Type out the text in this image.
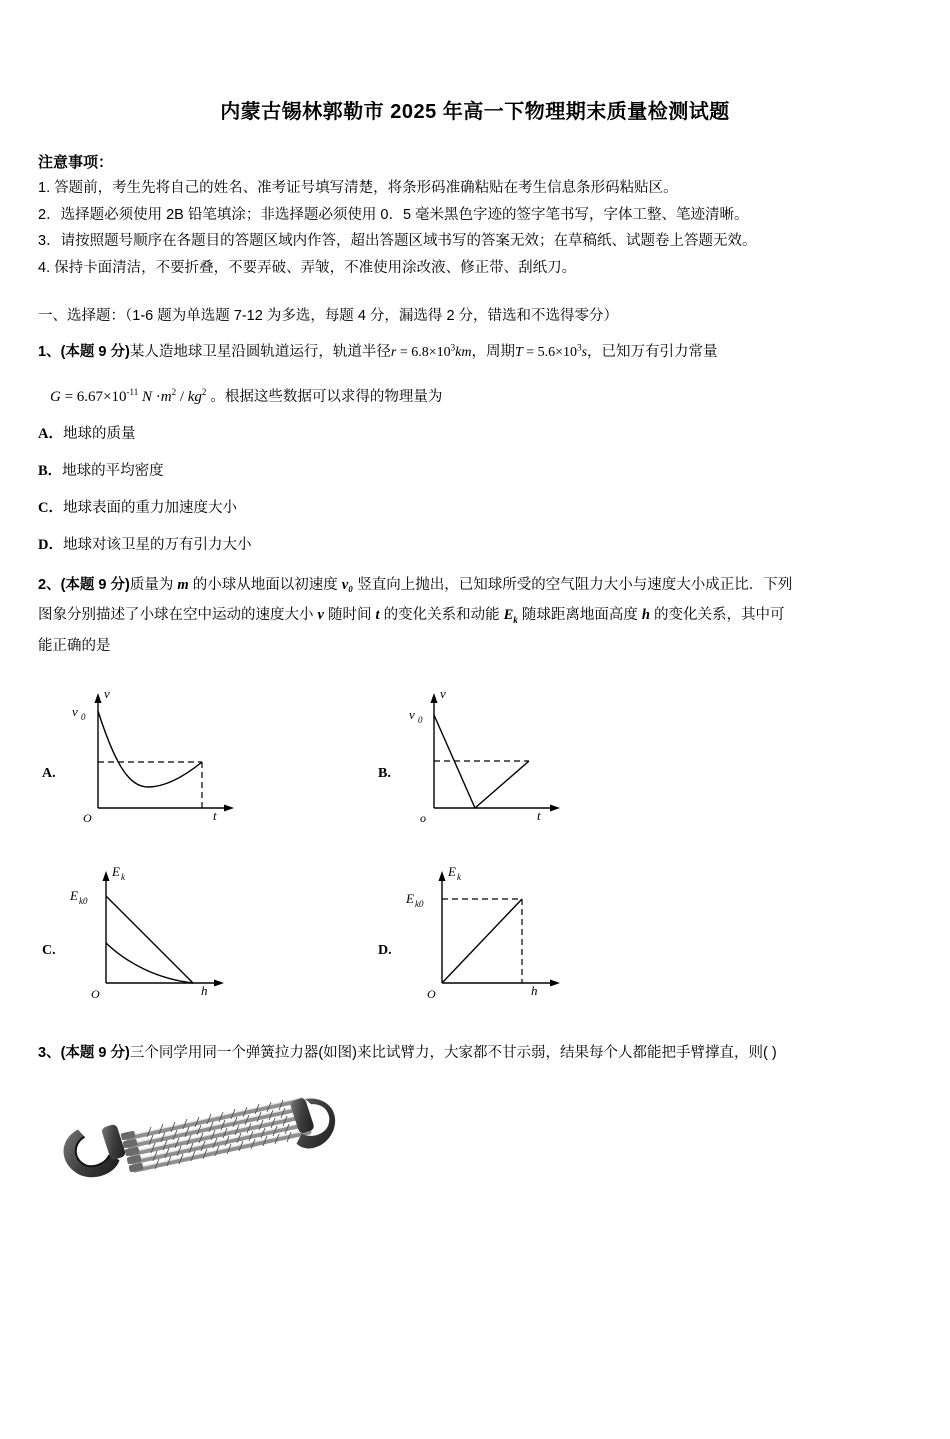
内蒙古锡林郭勒市 2025 年高一下物理期末质量检测试题
注意事项：
1. 答题前，考生先将自己的姓名、准考证号填写清楚，将条形码准确粘贴在考生信息条形码粘贴区。
2．选择题必须使用 2B 铅笔填涂；非选择题必须使用 0．5 毫米黑色字迹的签字笔书写，字体工整、笔迹清晰。
3．请按照题号顺序在各题目的答题区域内作答，超出答题区域书写的答案无效；在草稿纸、试题卷上答题无效。
4. 保持卡面清洁，不要折叠，不要弄破、弄皱，不准使用涂改液、修正带、刮纸刀。
一、选择题：（1-6 题为单选题 7-12 为多选，每题 4 分，漏选得 2 分，错选和不选得零分）
1、(本题 9 分)某人造地球卫星沿圆轨道运行，轨道半径$r = 6.8\times 10^3km$，周期$T = 5.6\times 10^3s$，已知万有引力常量
$G = 6.67\times 10^{-11}$ $N \cdot m^2 / kg^2$ 。根据这些数据可以求得的物理量为
A．地球的质量
B．地球的平均密度
C．地球表面的重力加速度大小
D．地球对该卫星的万有引力大小
2、(本题 9 分)质量为 m 的小球从地面以初速度 v₀ 竖直向上抛出，已知球所受的空气阻力大小与速度大小成正比．下列
图象分别描述了小球在空中运动的速度大小 v 随时间 t 的变化关系和动能 $E_k$ 随球距离地面高度 h 的变化关系，其中可
能正确的是
A.
v
v 0
t
O
B.
v
v 0
t
o
C.
E k
E k0
h
O
D.
E k
E k0
h
O
3、(本题 9 分)三个同学用同一个弹簧拉力器(如图)来比试臂力，大家都不甘示弱，结果每个人都能把手臂撑直，则( )
